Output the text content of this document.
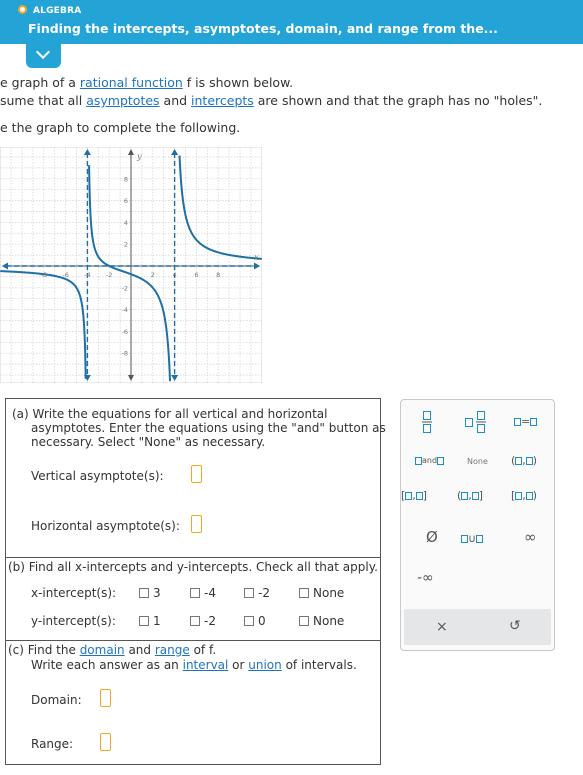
ALGEBRA
Finding the intercepts, asymptotes, domain, and range from the...
e graph of a rational function f is shown below.
sume that all asymptotes and intercepts are shown and that the graph has no "holes".
e the graph to complete the following.
-8 -6 -4 -2	2	4	6	8
8
6
4
2
-2
-4
-6
-8
x
y
(a) Write the equations for all vertical and horizontal
asymptotes. Enter the equations using the "and" button as
necessary. Select "None" as necessary.
Vertical asymptote(s):
Horizontal asymptote(s):
(b) Find all x-intercepts and y-intercepts. Check all that apply.
x-intercept(s):	3	-4	-2	None
y-intercept(s):	1	-2	0	None
(c) Find the domain and range of f.
Write each answer as an interval or union of intervals.
Domain:
Range:
=
and	None ( , )
[ , ]	( , ]	[ , )
Ø	∪	∞
-∞
×	↺
